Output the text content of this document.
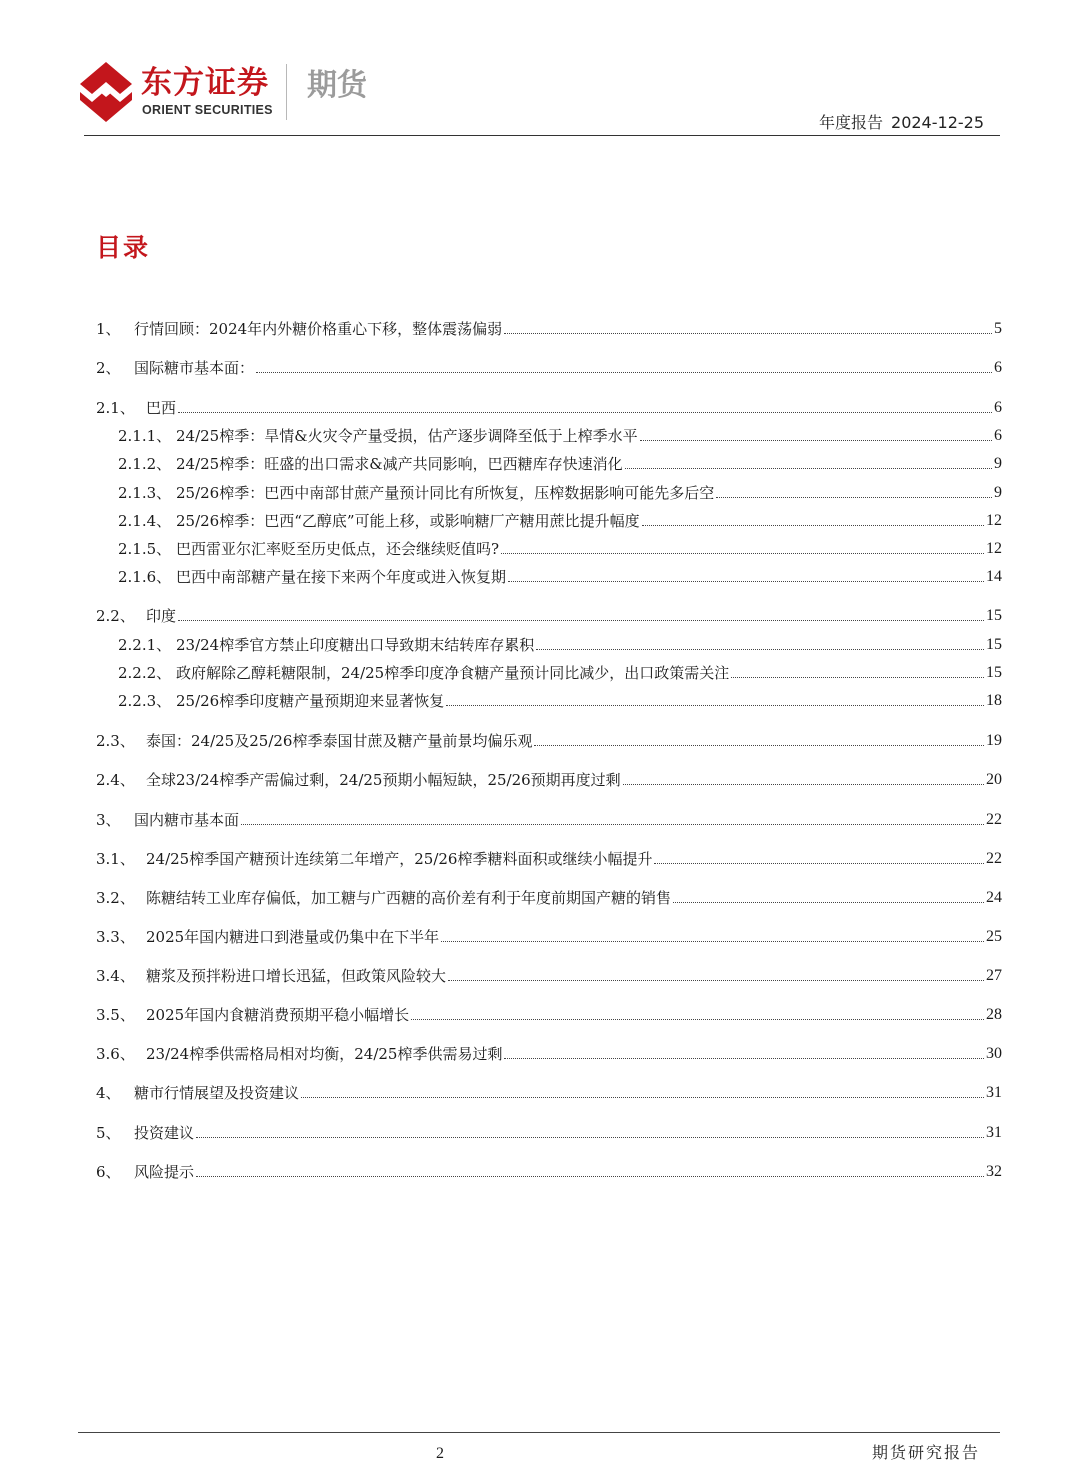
东方证券
ORIENT SECURITIES
期货
年度报告 2024-12-25
目录
1、 行情回顾：2024年内外糖价格重心下移，整体震荡偏弱	5
2、 国际糖市基本面：	6
2.1、 巴西	6
2.1.1、 24/25榨季：旱情&火灾令产量受损，估产逐步调降至低于上榨季水平	6
2.1.2、 24/25榨季：旺盛的出口需求&减产共同影响，巴西糖库存快速消化	9
2.1.3、 25/26榨季：巴西中南部甘蔗产量预计同比有所恢复，压榨数据影响可能先多后空	9
2.1.4、 25/26榨季：巴西“乙醇底”可能上移，或影响糖厂产糖用蔗比提升幅度	12
2.1.5、 巴西雷亚尔汇率贬至历史低点，还会继续贬值吗?	12
2.1.6、 巴西中南部糖产量在接下来两个年度或进入恢复期	14
2.2、 印度	15
2.2.1、 23/24榨季官方禁止印度糖出口导致期末结转库存累积	15
2.2.2、 政府解除乙醇耗糖限制，24/25榨季印度净食糖产量预计同比减少，出口政策需关注	15
2.2.3、 25/26榨季印度糖产量预期迎来显著恢复	18
2.3、 泰国：24/25及25/26榨季泰国甘蔗及糖产量前景均偏乐观	19
2.4、 全球23/24榨季产需偏过剩，24/25预期小幅短缺，25/26预期再度过剩	20
3、 国内糖市基本面	22
3.1、 24/25榨季国产糖预计连续第二年增产，25/26榨季糖料面积或继续小幅提升	22
3.2、 陈糖结转工业库存偏低，加工糖与广西糖的高价差有利于年度前期国产糖的销售	24
3.3、 2025年国内糖进口到港量或仍集中在下半年	25
3.4、 糖浆及预拌粉进口增长迅猛，但政策风险较大	27
3.5、 2025年国内食糖消费预期平稳小幅增长	28
3.6、 23/24榨季供需格局相对均衡，24/25榨季供需易过剩	30
4、 糖市行情展望及投资建议	31
5、 投资建议	31
6、 风险提示	32
2	期货研究报告
